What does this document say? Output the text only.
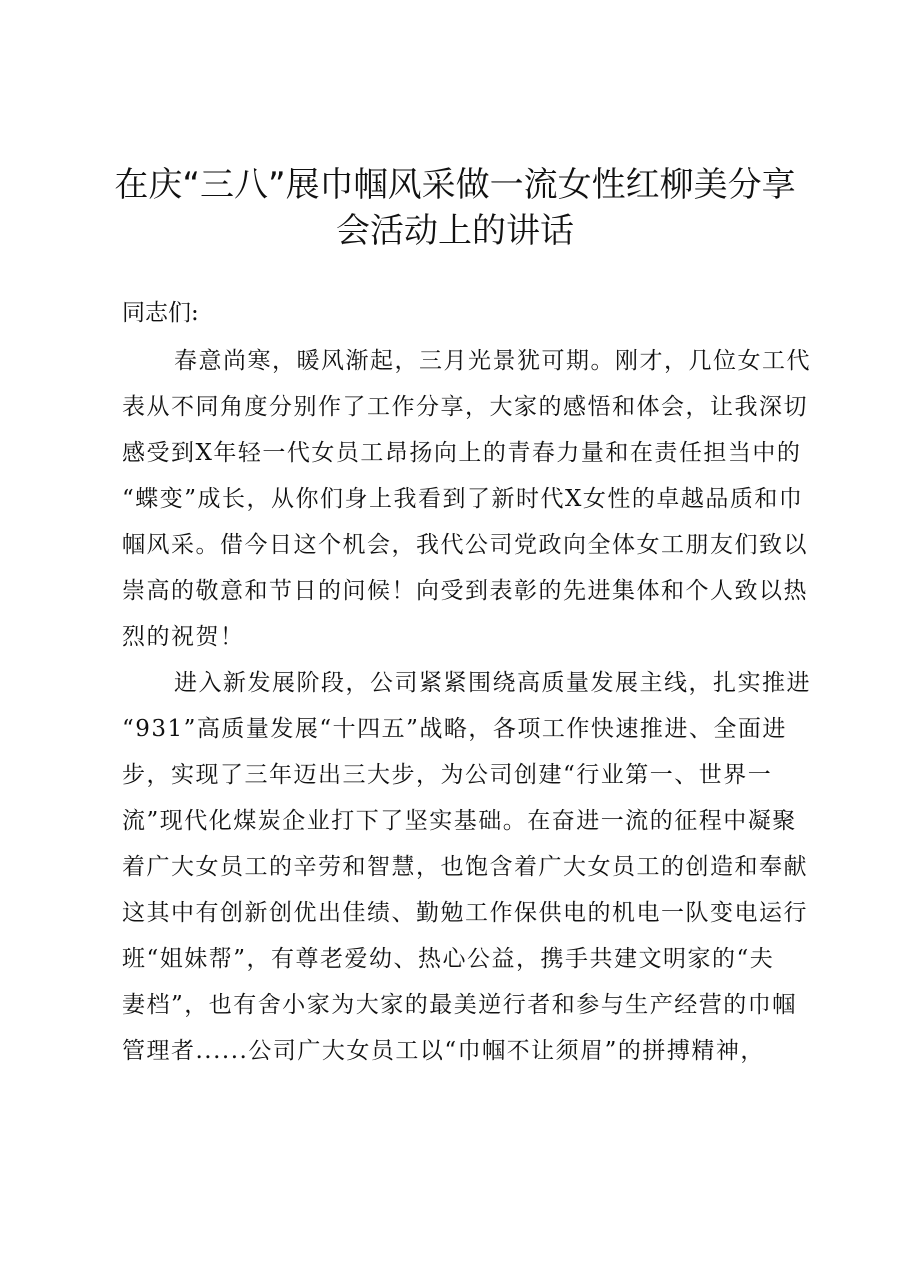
在庆“三八”展巾帼风采做一流女性红柳美分享
会活动上的讲话

同志们:

春意尚寒，暖风渐起，三月光景犹可期。刚才，几位女工代
表从不同角度分别作了工作分享，大家的感悟和体会，让我深切
感受到X年轻一代女员工昂扬向上的青春力量和在责任担当中的
“蝶变”成长，从你们身上我看到了新时代X女性的卓越品质和巾
帼风采。借今日这个机会，我代公司党政向全体女工朋友们致以
崇高的敬意和节日的问候！向受到表彰的先进集体和个人致以热
烈的祝贺！

进入新发展阶段，公司紧紧围绕高质量发展主线，扎实推进
“931”高质量发展“十四五”战略，各项工作快速推进、全面进
步，实现了三年迈出三大步，为公司创建“行业第一、世界一
流”现代化煤炭企业打下了坚实基础。在奋进一流的征程中凝聚
着广大女员工的辛劳和智慧，也饱含着广大女员工的创造和奉献
这其中有创新创优出佳绩、勤勉工作保供电的机电一队变电运行
班“姐妹帮”，有尊老爱幼、热心公益，携手共建文明家的“夫
妻档”，也有舍小家为大家的最美逆行者和参与生产经营的巾帼
管理者......公司广大女员工以“巾帼不让须眉”的拼搏精神，
